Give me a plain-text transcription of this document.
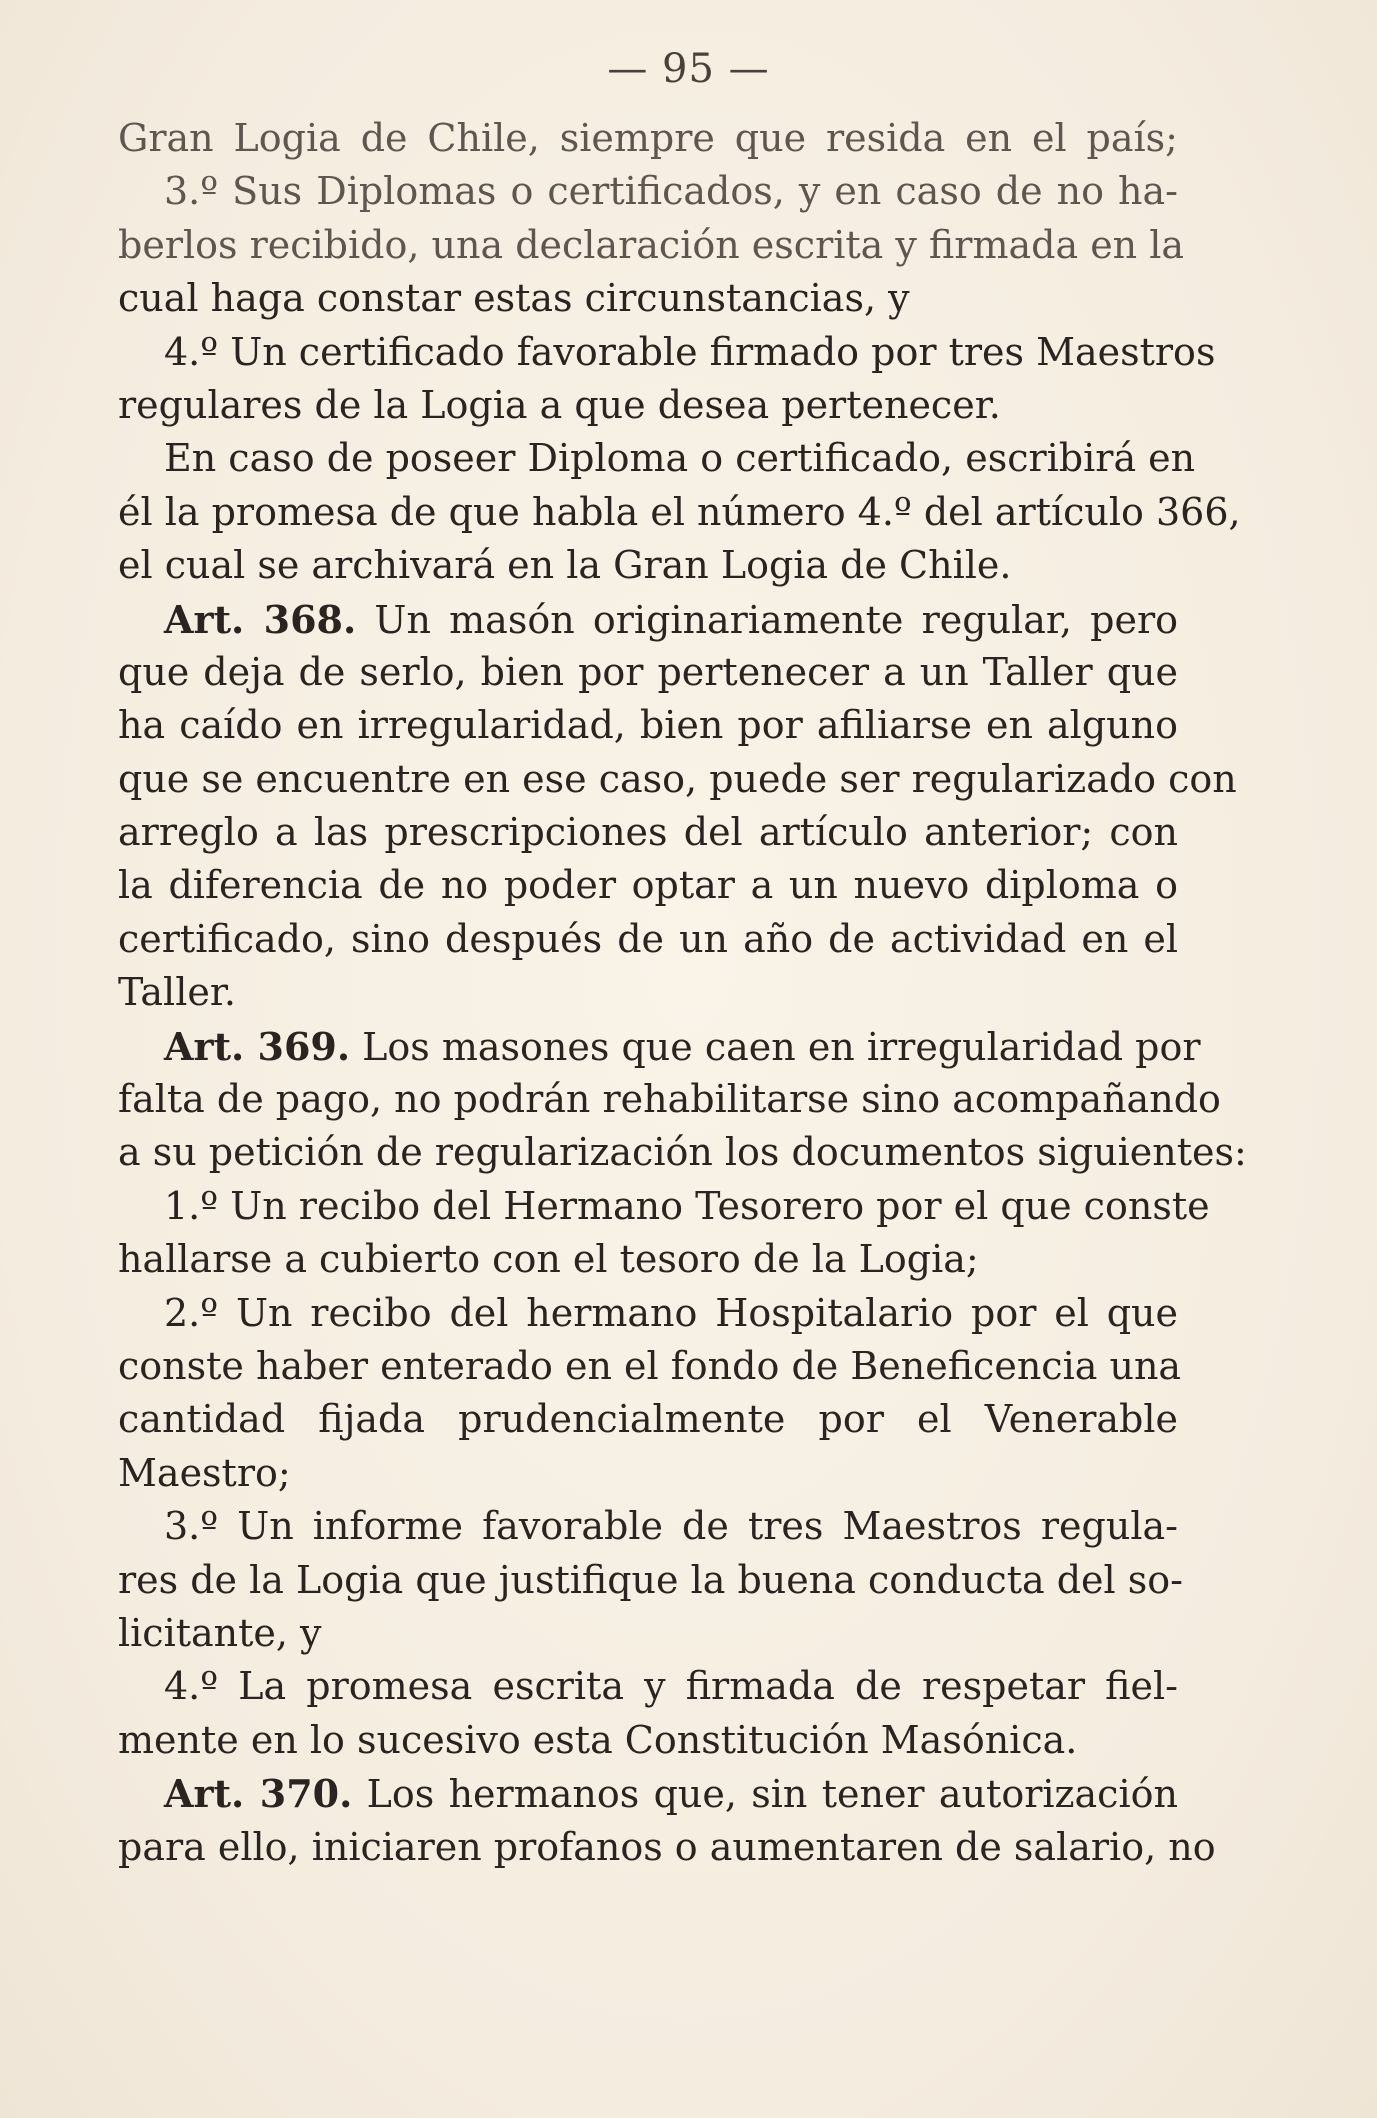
— 95 —
Gran Logia de Chile, siempre que resida en el país;
3.º Sus Diplomas o certificados, y en caso de no ha-
berlos recibido, una declaración escrita y firmada en la
cual haga constar estas circunstancias, y
4.º Un certificado favorable firmado por tres Maestros
regulares de la Logia a que desea pertenecer.
En caso de poseer Diploma o certificado, escribirá en
él la promesa de que habla el número 4.º del artículo 366,
el cual se archivará en la Gran Logia de Chile.
Art. 368. Un masón originariamente regular, pero
que deja de serlo, bien por pertenecer a un Taller que
ha caído en irregularidad, bien por afiliarse en alguno
que se encuentre en ese caso, puede ser regularizado con
arreglo a las prescripciones del artículo anterior; con
la diferencia de no poder optar a un nuevo diploma o
certificado, sino después de un año de actividad en el
Taller.
Art. 369. Los masones que caen en irregularidad por
falta de pago, no podrán rehabilitarse sino acompañando
a su petición de regularización los documentos siguientes:
1.º Un recibo del Hermano Tesorero por el que conste
hallarse a cubierto con el tesoro de la Logia;
2.º Un recibo del hermano Hospitalario por el que
conste haber enterado en el fondo de Beneficencia una
cantidad fijada prudencialmente por el Venerable
Maestro;
3.º Un informe favorable de tres Maestros regula-
res de la Logia que justifique la buena conducta del so-
licitante, y
4.º La promesa escrita y firmada de respetar fiel-
mente en lo sucesivo esta Constitución Masónica.
Art. 370. Los hermanos que, sin tener autorización
para ello, iniciaren profanos o aumentaren de salario, no
